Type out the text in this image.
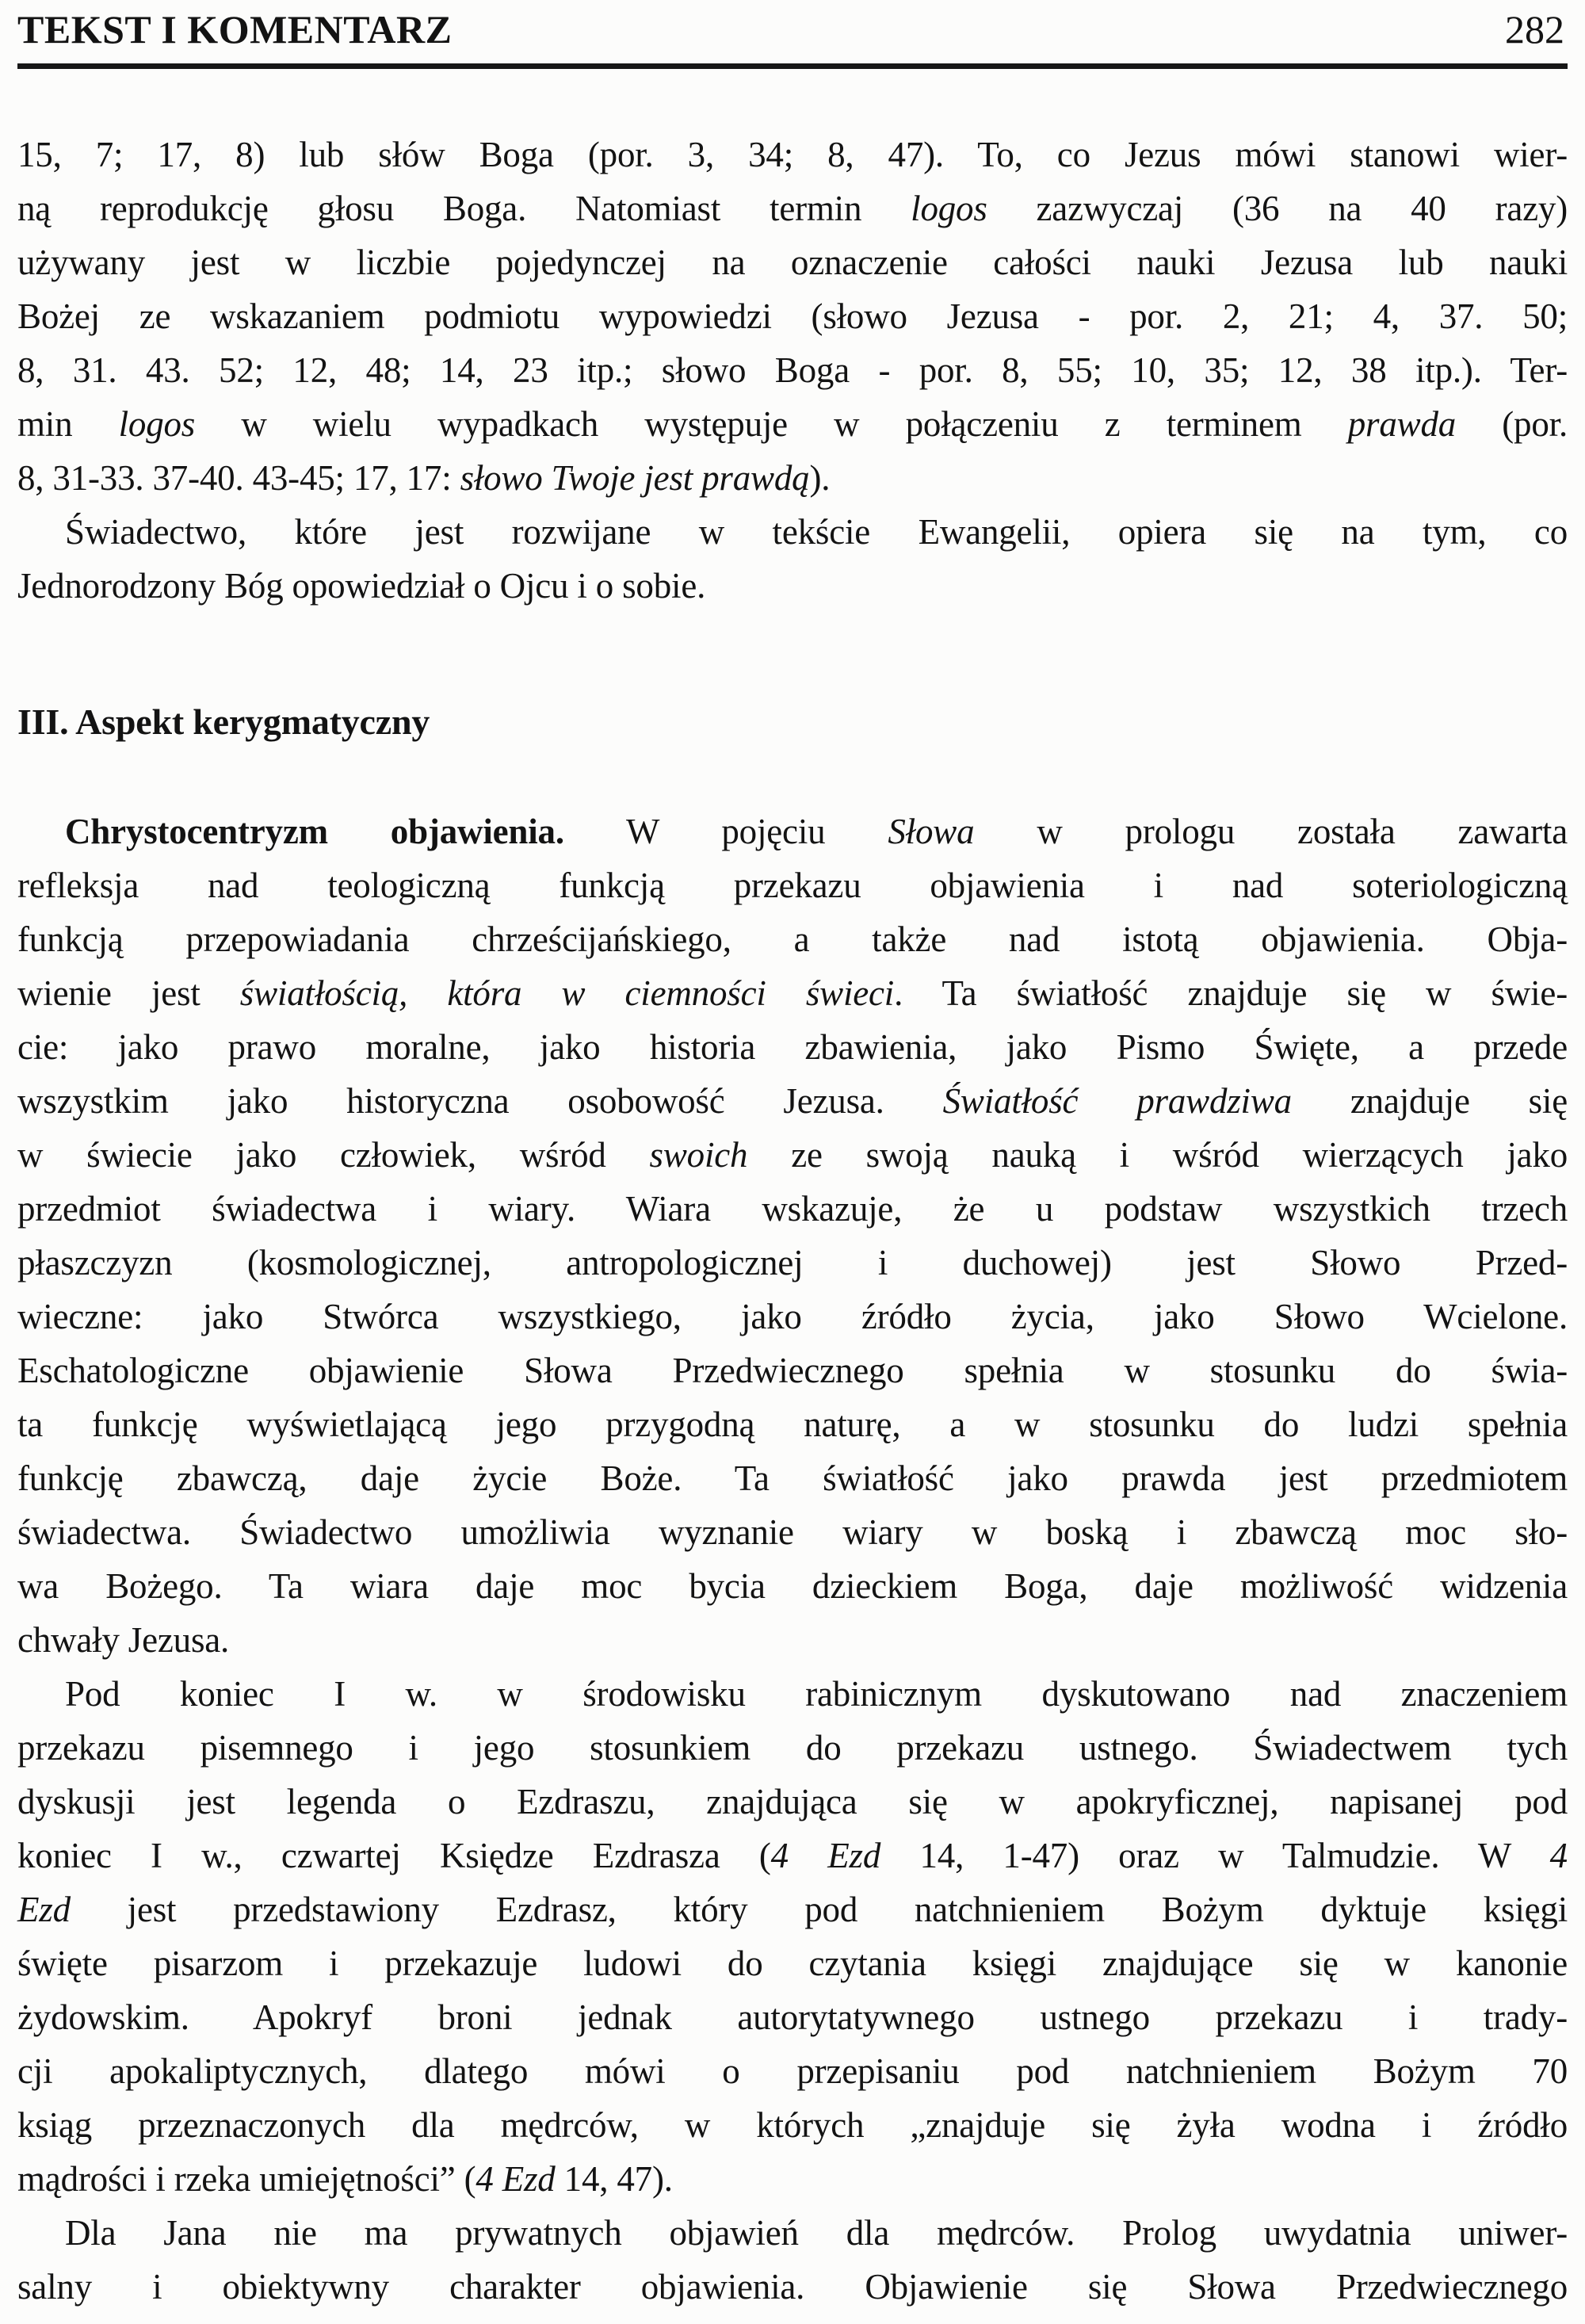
TEKST I KOMENTARZ	282
15, 7; 17, 8) lub słów Boga (por. 3, 34; 8, 47). To, co Jezus mówi stanowi wier-
ną reprodukcję głosu Boga. Natomiast termin logos zazwyczaj (36 na 40 razy)
używany jest w liczbie pojedynczej na oznaczenie całości nauki Jezusa lub nauki
Bożej ze wskazaniem podmiotu wypowiedzi (słowo Jezusa - por. 2, 21; 4, 37. 50;
8, 31. 43. 52; 12, 48; 14, 23 itp.; słowo Boga - por. 8, 55; 10, 35; 12, 38 itp.). Ter-
min logos w wielu wypadkach występuje w połączeniu z terminem prawda (por.
8, 31-33. 37-40. 43-45; 17, 17: słowo Twoje jest prawdą).
Świadectwo, które jest rozwijane w tekście Ewangelii, opiera się na tym, co
Jednorodzony Bóg opowiedział o Ojcu i o sobie.
III. Aspekt kerygmatyczny
Chrystocentryzm objawienia. W pojęciu Słowa w prologu została zawarta
refleksja nad teologiczną funkcją przekazu objawienia i nad soteriologiczną
funkcją przepowiadania chrześcijańskiego, a także nad istotą objawienia. Obja-
wienie jest światłością, która w ciemności świeci. Ta światłość znajduje się w świe-
cie: jako prawo moralne, jako historia zbawienia, jako Pismo Święte, a przede
wszystkim jako historyczna osobowość Jezusa. Światłość prawdziwa znajduje się
w świecie jako człowiek, wśród swoich ze swoją nauką i wśród wierzących jako
przedmiot świadectwa i wiary. Wiara wskazuje, że u podstaw wszystkich trzech
płaszczyzn (kosmologicznej, antropologicznej i duchowej) jest Słowo Przed-
wieczne: jako Stwórca wszystkiego, jako źródło życia, jako Słowo Wcielone.
Eschatologiczne objawienie Słowa Przedwiecznego spełnia w stosunku do świa-
ta funkcję wyświetlającą jego przygodną naturę, a w stosunku do ludzi spełnia
funkcję zbawczą, daje życie Boże. Ta światłość jako prawda jest przedmiotem
świadectwa. Świadectwo umożliwia wyznanie wiary w boską i zbawczą moc sło-
wa Bożego. Ta wiara daje moc bycia dzieckiem Boga, daje możliwość widzenia
chwały Jezusa.
Pod koniec I w. w środowisku rabinicznym dyskutowano nad znaczeniem
przekazu pisemnego i jego stosunkiem do przekazu ustnego. Świadectwem tych
dyskusji jest legenda o Ezdraszu, znajdująca się w apokryficznej, napisanej pod
koniec I w., czwartej Księdze Ezdrasza (4 Ezd 14, 1-47) oraz w Talmudzie. W 4
Ezd jest przedstawiony Ezdrasz, który pod natchnieniem Bożym dyktuje księgi
święte pisarzom i przekazuje ludowi do czytania księgi znajdujące się w kanonie
żydowskim. Apokryf broni jednak autorytatywnego ustnego przekazu i trady-
cji apokaliptycznych, dlatego mówi o przepisaniu pod natchnieniem Bożym 70
ksiąg przeznaczonych dla mędrców, w których „znajduje się żyła wodna i źródło
mądrości i rzeka umiejętności” (4 Ezd 14, 47).
Dla Jana nie ma prywatnych objawień dla mędrców. Prolog uwydatnia uniwer-
salny i obiektywny charakter objawienia. Objawienie się Słowa Przedwiecznego
